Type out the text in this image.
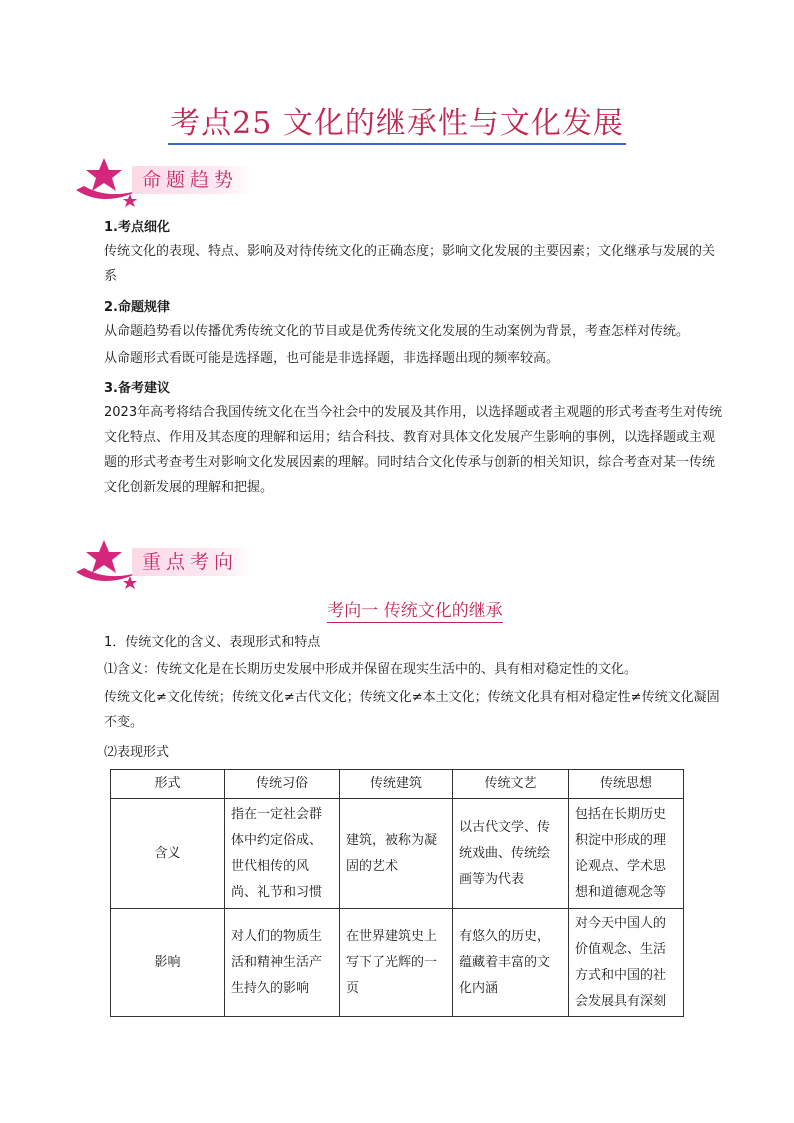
考点25 文化的继承性与文化发展
命题趋势
1.考点细化
传统文化的表现、特点、影响及对待传统文化的正确态度；影响文化发展的主要因素；文化继承与发展的关系
2.命题规律
从命题趋势看以传播优秀传统文化的节目或是优秀传统文化发展的生动案例为背景，考查怎样对传统。
从命题形式看既可能是选择题，也可能是非选择题，非选择题出现的频率较高。
3.备考建议
2023年高考将结合我国传统文化在当今社会中的发展及其作用，以选择题或者主观题的形式考查考生对传统文化特点、作用及其态度的理解和运用；结合科技、教育对具体文化发展产生影响的事例，以选择题或主观题的形式考查考生对影响文化发展因素的理解。同时结合文化传承与创新的相关知识，综合考查对某一传统文化创新发展的理解和把握。
重点考向
考向一 传统文化的继承
1．传统文化的含义、表现形式和特点
⑴含义：传统文化是在长期历史发展中形成并保留在现实生活中的、具有相对稳定性的文化。
传统文化≠文化传统；传统文化≠古代文化；传统文化≠本土文化；传统文化具有相对稳定性≠传统文化凝固不变。
⑵表现形式
形式	传统习俗	传统建筑	传统文艺	传统思想
含义	指在一定社会群体中约定俗成、世代相传的风尚、礼节和习惯	建筑，被称为凝固的艺术	以古代文学、传统戏曲、传统绘画等为代表	包括在长期历史积淀中形成的理论观点、学术思想和道德观念等
影响	对人们的物质生活和精神生活产生持久的影响	在世界建筑史上写下了光辉的一页	有悠久的历史，蕴藏着丰富的文化内涵	对今天中国人的价值观念、生活方式和中国的社会发展具有深刻
